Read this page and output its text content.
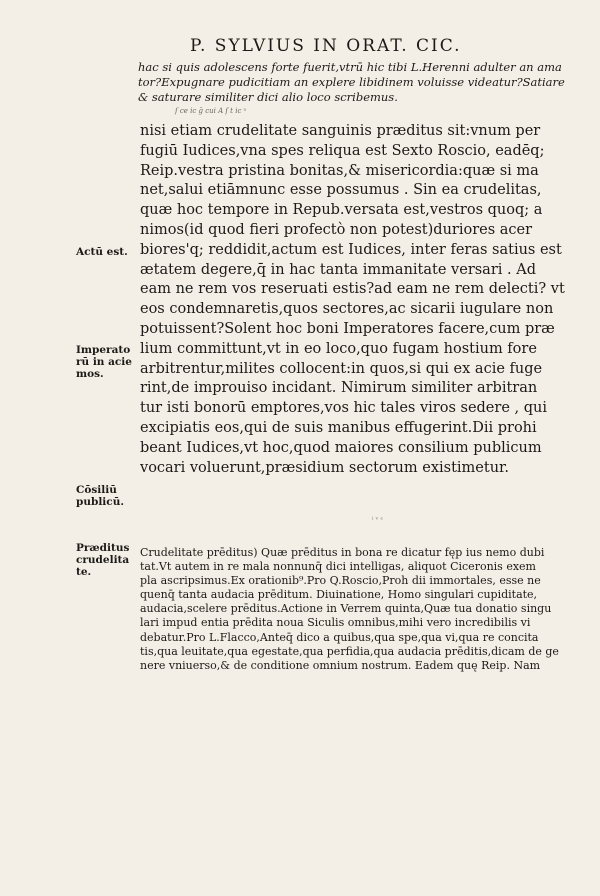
P. SYLVIUS IN ORAT. CIC.
hac si quis adolescens forte fuerit,vtrū hic tibi L.Herenni adulter an ama
tor?Expugnare pudicitiam an explere libidinem voluisse videatur?Satiare
& saturare similiter dici alio loco scribemus.
ſ ce ic ḡ cui A ſ t ic ᵘ
nisi etiam crudelitate sanguinis præditus sit:vnum per
fugiū Iudices,vna spes reliqua est Sexto Roscio, eadēq;
Reip.vestra pristina bonitas,& misericordia:quæ si ma
net,salui etiāmnunc esse possumus . Sin ea crudelitas,
quæ hoc tempore in Repub.versata est,vestros quoq; a
nimos(id quod fieri profectò non potest)duriores acer
biores'q; reddidit,actum est Iudices, inter feras satius est
ætatem degere,q̄ in hac tanta immanitate versari . Ad
eam ne rem vos reseruati estis?ad eam ne rem delecti? vt
eos condemnaretis,quos sectores,ac sicarii iugulare non
potuissent?Solent hoc boni Imperatores facere,cum præ
lium committunt,vt in eo loco,quo fugam hostium fore
arbitrentur,milites collocent:in quos,si qui ex acie fuge
rint,de improuiso incidant. Nimirum similiter arbitran
tur isti bonorū emptores,vos hic tales viros sedere , qui
excipiatis eos,qui de suis manibus effugerint.Dii prohi
beant Iudices,vt hoc,quod maiores consilium publicum
vocari voluerunt,præsidium sectorum existimetur.
Actū est.
Imperato
rū in acie
mos.
Cōsiliū
publicū.
Præditus
crudelita
te.
ⁱ ᵛ ᶜ
Crudelitate prēditus) Quæ prēditus in bona re dicatur fęp ius nemo dubi
tat.Vt autem in re mala nonnunq̄ dici intelligas, aliquot Ciceronis exem
pla ascripsimus.Ex orationib⁹.Pro Q.Roscio,Proh dii immortales, esse ne
quenq̄ tanta audacia prēditum. Diuinatione, Homo singulari cupiditate,
audacia,scelere prēditus.Actione in Verrem quinta,Quæ tua donatio singu
lari impud entia prēdita noua Siculis omnibus,mihi vero incredibilis vi
debatur.Pro L.Flacco,Anteq̄ dico a quibus,qua spe,qua vi,qua re concita
tis,qua leuitate,qua egestate,qua perfidia,qua audacia prēditis,dicam de ge
nere vniuerso,& de conditione omnium nostrum. Eadem quę Reip. Nam
